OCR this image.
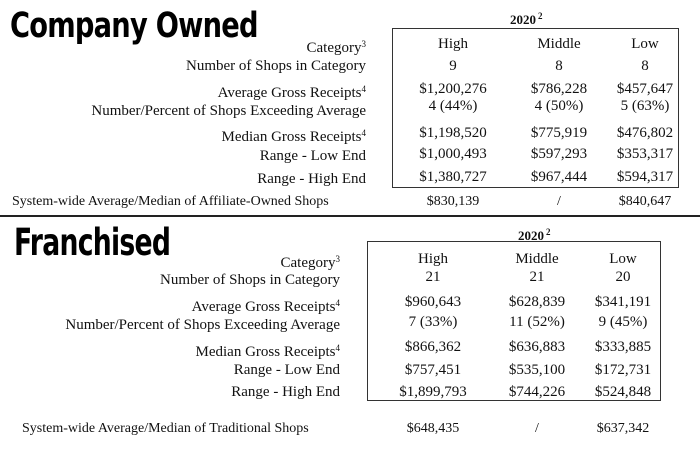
Company Owned	2020 $^2$
Category$^3$	High	Middle	Low
Number of Shops in Category	9	8	8
Average Gross Receipts$^4$	$1,200,276	$786,228	$457,647
Number/Percent of Shops Exceeding Average	4 (44%)	4 (50%)	5 (63%)
Median Gross Receipts$^4$	$1,198,520	$775,919	$476,802
Range - Low End	$1,000,493	$597,293	$353,317
Range - High End	$1,380,727	$967,444	$594,317
System-wide Average/Median of Affiliate-Owned Shops	$830,139	/	$840,647
Franchised	2020 $^2$
Category$^3$	High	Middle	Low
Number of Shops in Category	21	21	20
Average Gross Receipts$^4$	$960,643	$628,839	$341,191
Number/Percent of Shops Exceeding Average	7 (33%)	11 (52%)	9 (45%)
Median Gross Receipts$^4$	$866,362	$636,883	$333,885
Range - Low End	$757,451	$535,100	$172,731
Range - High End	$1,899,793	$744,226	$524,848
System-wide Average/Median of Traditional Shops	$648,435	/	$637,342
